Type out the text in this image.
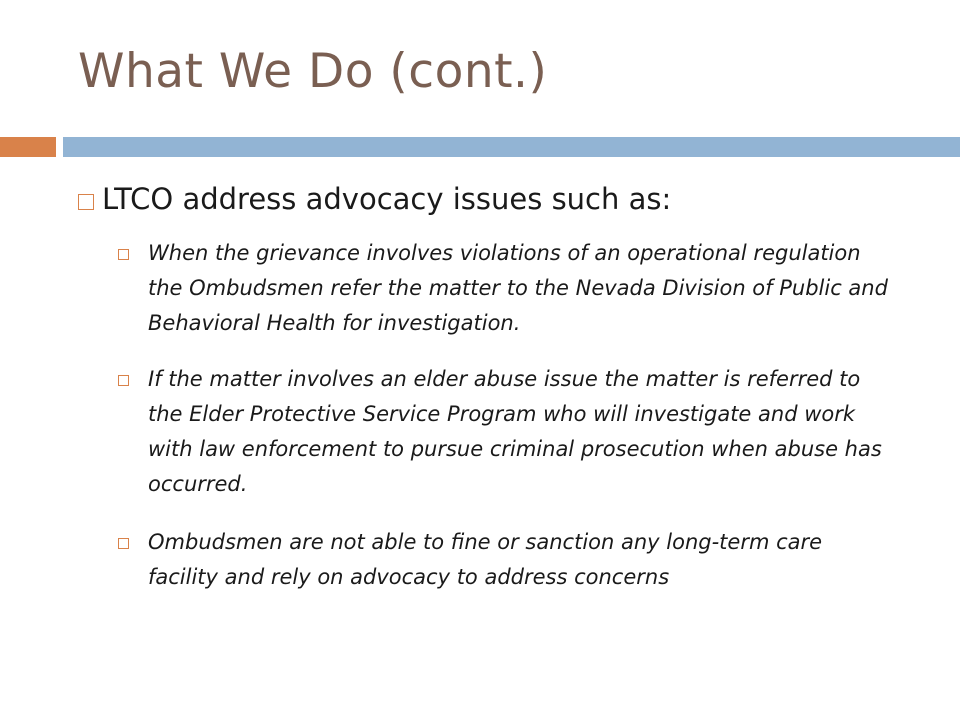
What We Do (cont.)
LTCO address advocacy issues such as:
When the grievance involves violations of an operational regulation the Ombudsmen refer the matter to the Nevada Division of Public and Behavioral Health for investigation.
If the matter involves an elder abuse issue the matter is referred to the Elder Protective Service Program who will investigate and work with law enforcement to pursue criminal prosecution when abuse has occurred.
Ombudsmen are not able to fine or sanction any long-term care facility and rely on advocacy to address concerns
